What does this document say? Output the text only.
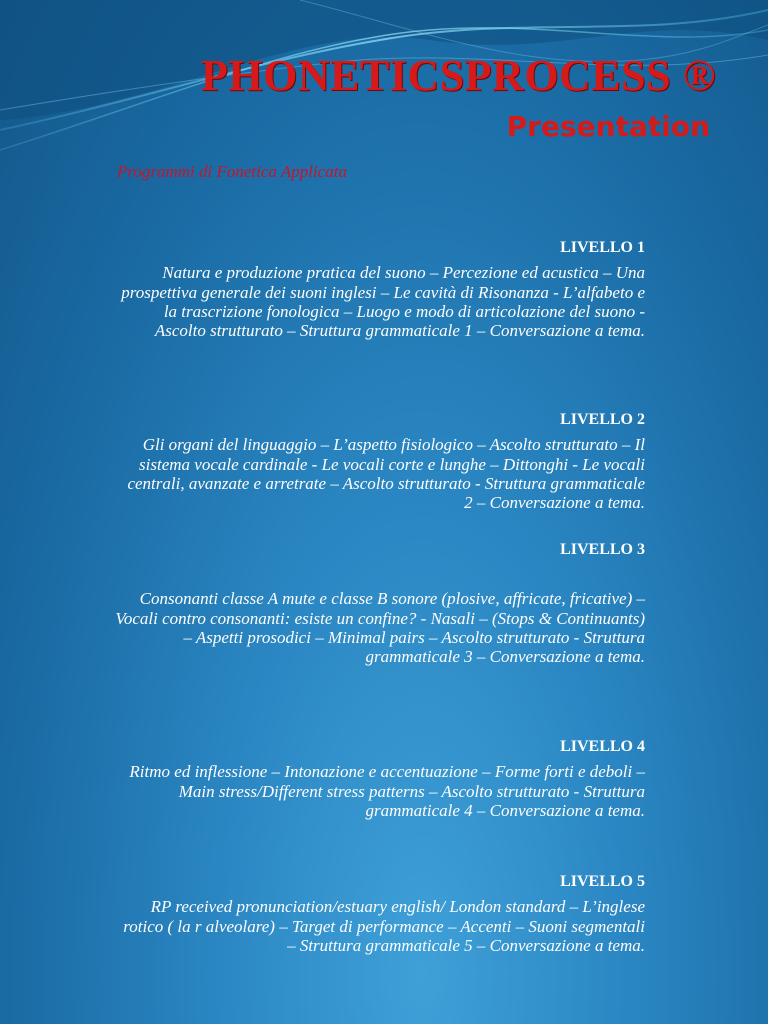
PHONETICSPROCESS ®
Presentation

Programmi di Fonetica Applicata

LIVELLO 1

Natura e produzione pratica del suono – Percezione ed acustica – Una prospettiva generale dei suoni inglesi – Le cavità di Risonanza - L’alfabeto e la trascrizione fonologica – Luogo e modo di articolazione del suono - Ascolto strutturato – Struttura grammaticale 1 – Conversazione a tema.

LIVELLO 2

Gli organi del linguaggio – L’aspetto fisiologico – Ascolto strutturato – Il sistema vocale cardinale - Le vocali corte e lunghe – Dittonghi - Le vocali centrali, avanzate e arretrate – Ascolto strutturato - Struttura grammaticale 2 – Conversazione a tema.

LIVELLO 3

Consonanti classe A mute e classe B sonore (plosive, affricate, fricative) – Vocali contro consonanti: esiste un confine? - Nasali – (Stops & Continuants) – Aspetti prosodici – Minimal pairs – Ascolto strutturato - Struttura grammaticale 3 – Conversazione a tema.

LIVELLO 4

Ritmo ed inflessione – Intonazione e accentuazione – Forme forti e deboli – Main stress/Different stress patterns – Ascolto strutturato - Struttura grammaticale 4 – Conversazione a tema.

LIVELLO 5

RP received pronunciation/estuary english/ London standard – L’inglese rotico ( la r alveolare) – Target di performance – Accenti – Suoni segmentali – Struttura grammaticale 5 – Conversazione a tema.
